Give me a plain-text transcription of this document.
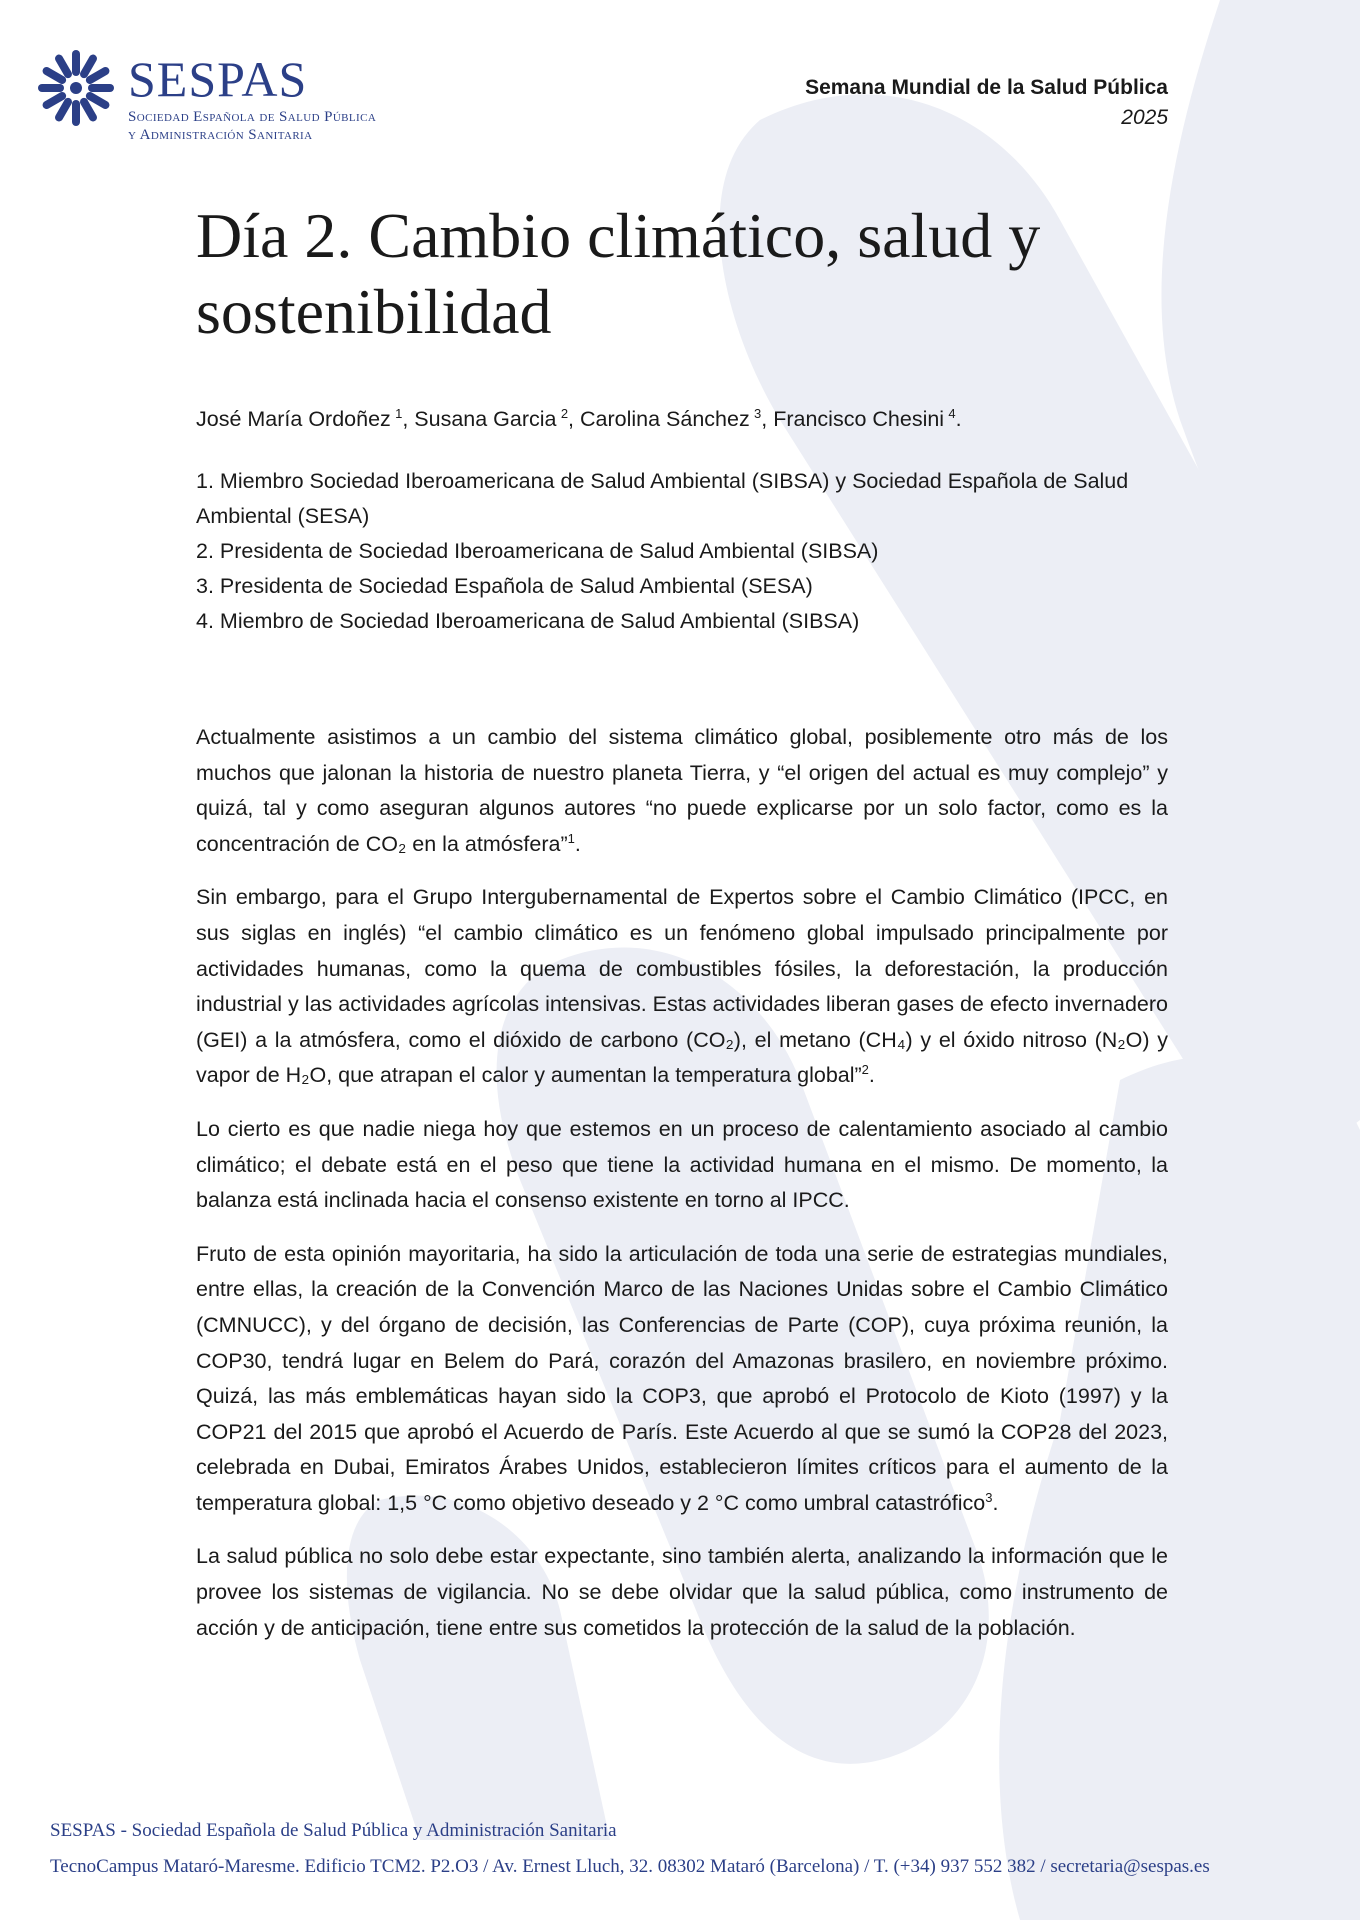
SESPAS
Sociedad Española de Salud Pública
y Administración Sanitaria
Semana Mundial de la Salud Pública
2025
Día 2. Cambio climático, salud y
sostenibilidad
José María Ordoñez  $^1$, Susana Garcia  $^2$, Carolina Sánchez  $^3$, Francisco Chesini  $^4$.
1. Miembro Sociedad Iberoamericana de Salud Ambiental (SIBSA) y Sociedad Española de Salud Ambiental (SESA)
2. Presidenta de Sociedad Iberoamericana de Salud Ambiental (SIBSA)
3. Presidenta de Sociedad Española de Salud Ambiental (SESA)
4. Miembro de Sociedad Iberoamericana de Salud Ambiental (SIBSA)

Actualmente asistimos a un cambio del sistema climático global, posiblemente otro más de los muchos que jalonan la historia de nuestro planeta Tierra, y “el origen del actual es muy complejo” y quizá, tal y como aseguran algunos autores “no puede explicarse por un solo factor, como es la concentración de CO₂ en la atmósfera”$^1$.

Sin embargo, para el Grupo Intergubernamental de Expertos sobre el Cambio Climático (IPCC, en sus siglas en inglés) “el cambio climático es un fenómeno global impulsado principalmente por actividades humanas, como la quema de combustibles fósiles, la deforestación, la producción industrial y las actividades agrícolas intensivas. Estas actividades liberan gases de efecto invernadero (GEI) a la atmósfera, como el dióxido de carbono (CO₂), el metano (CH₄) y el óxido nitroso (N₂O) y vapor de H₂O, que atrapan el calor y aumentan la temperatura global”$^2$.

Lo cierto es que nadie niega hoy que estemos en un proceso de calentamiento asociado al cambio climático; el debate está en el peso que tiene la actividad humana en el mismo. De momento, la balanza está inclinada hacia el consenso existente en torno al IPCC.

Fruto de esta opinión mayoritaria, ha sido la articulación de toda una serie de estrategias mundiales, entre ellas, la creación de la Convención Marco de las Naciones Unidas sobre el Cambio Climático (CMNUCC), y del órgano de decisión, las Conferencias de Parte (COP), cuya próxima reunión, la COP30, tendrá lugar en Belem do Pará, corazón del Amazonas brasilero, en noviembre próximo. Quizá, las más emblemáticas hayan sido la COP3, que aprobó el Protocolo de Kioto (1997) y la COP21 del 2015 que aprobó el Acuerdo de París. Este Acuerdo al que se sumó la COP28 del 2023, celebrada en Dubai, Emiratos Árabes Unidos, establecieron límites críticos para el aumento de la temperatura global: 1,5 °C como objetivo deseado y 2 °C como umbral catastrófico$^3$.

La salud pública no solo debe estar expectante, sino también alerta, analizando la información que le provee los sistemas de vigilancia. No se debe olvidar que la salud pública, como instrumento de acción y de anticipación, tiene entre sus cometidos la protección de la salud de la población.

SESPAS - Sociedad Española de Salud Pública y Administración Sanitaria
TecnoCampus Mataró-Maresme. Edificio TCM2. P2.O3 / Av. Ernest Lluch, 32. 08302 Mataró (Barcelona) / T. (+34) 937 552 382 / secretaria@sespas.es
